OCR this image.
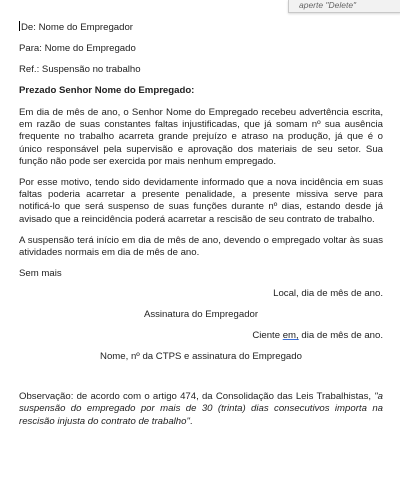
aperte "Delete"

De: Nome do Empregador

Para: Nome do Empregado

Ref.: Suspensão no trabalho

Prezado Senhor Nome do Empregado:

Em dia de mês de ano, o Senhor Nome do Empregado recebeu advertência escrita, em razão de suas constantes faltas injustificadas, que já somam nº sua ausência frequente no trabalho acarreta grande prejuízo e atraso na produção, já que é o único responsável pela supervisão e aprovação dos materiais de seu setor. Sua função não pode ser exercida por mais nenhum empregado.

Por esse motivo, tendo sido devidamente informado que a nova incidência em suas faltas poderia acarretar a presente penalidade, a presente missiva serve para notificá-lo que será suspenso de suas funções durante nº dias, estando desde já avisado que a reincidência poderá acarretar a rescisão de seu contrato de trabalho.

A suspensão terá início em dia de mês de ano, devendo o empregado voltar às suas atividades normais em dia de mês de ano.

Sem mais

Local, dia de mês de ano.

Assinatura do Empregador

Ciente em, dia de mês de ano.

Nome, nº da CTPS e assinatura do Empregado

Observação: de acordo com o artigo 474, da Consolidação das Leis Trabalhistas, "a suspensão do empregado por mais de 30 (trinta) dias consecutivos importa na rescisão injusta do contrato de trabalho".
